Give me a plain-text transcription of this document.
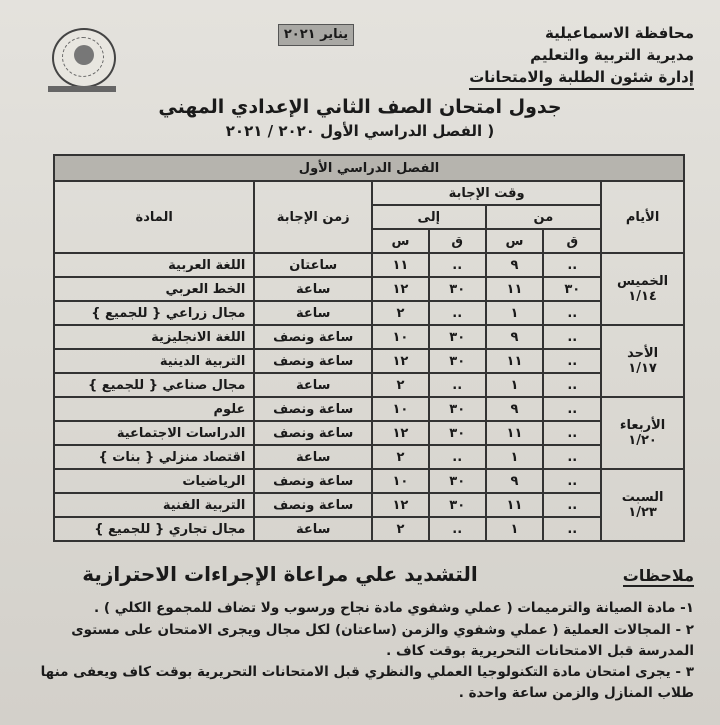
محافظة الاسماعيلية
مديرية التربية والتعليم
إدارة شئون الطلبة والامتحانات
يناير ٢٠٢١
جدول امتحان الصف الثاني الإعدادي المهني
( الفصل الدراسي الأول ٢٠٢٠ / ٢٠٢١
الفصل الدراسي الأول						
الأيام	وقت الإجابة				زمن الإجابة	المادة
	من		إلى			
	ق	س	ق	س		

الخميس
١/١٤	..	٩	..	١١	ساعتان	اللغة العربية
	٣٠	١١	٣٠	١٢	ساعة	الخط العربي
	..	١	..	٢	ساعة	مجال زراعي { للجميع }

الأحد
١/١٧	..	٩	٣٠	١٠	ساعة ونصف	اللغة الانجليزية
	..	١١	٣٠	١٢	ساعة ونصف	التربية الدينية
	..	١	..	٢	ساعة	مجال صناعي { للجميع }

الأربعاء
١/٢٠	..	٩	٣٠	١٠	ساعة ونصف	علوم
	..	١١	٣٠	١٢	ساعة ونصف	الدراسات الاجتماعية
	..	١	..	٢	ساعة	اقتصاد منزلي { بنات }

السبت
١/٢٣	..	٩	٣٠	١٠	ساعة ونصف	الرياضيات
	..	١١	٣٠	١٢	ساعة ونصف	التربية الفنية
	..	١	..	٢	ساعة	مجال تجاري { للجميع }
ملاحظات
التشديد علي مراعاة الإجراءات الاحترازية
١- مادة الصيانة والترميمات ( عملي وشفوي مادة نجاح ورسوب ولا تضاف للمجموع الكلي ) .
٢ - المجالات العملية ( عملي وشفوي والزمن (ساعتان) لكل مجال ويجرى الامتحان على مستوى المدرسة قبل الامتحانات التحريرية بوقت كاف .
٣ - يجرى امتحان مادة التكنولوجيا العملي والنظري قبل الامتحانات التحريرية بوقت كاف ويعفى منها طلاب المنازل والزمن ساعة واحدة .
